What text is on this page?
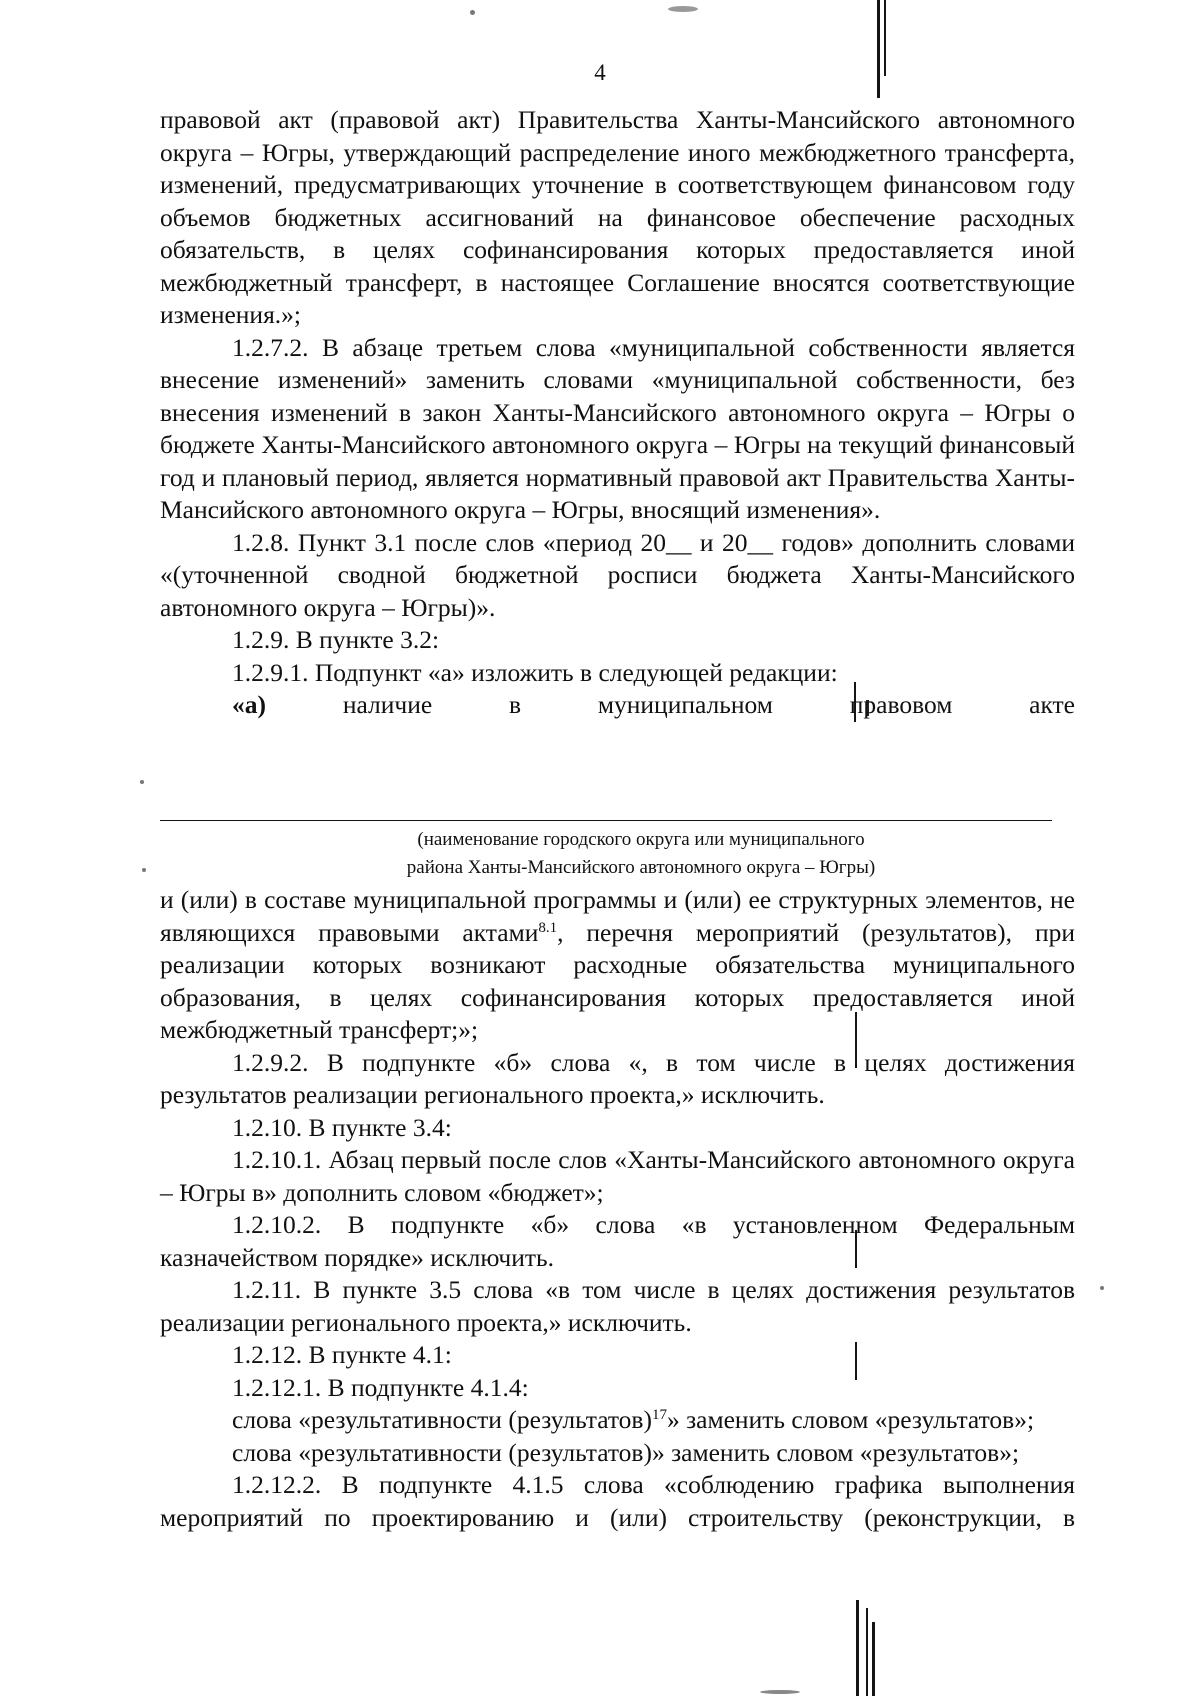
4

правовой акт (правовой акт) Правительства Ханты-Мансийского автономного округа – Югры, утверждающий распределение иного межбюджетного трансферта, изменений, предусматривающих уточнение в соответствующем финансовом году объемов бюджетных ассигнований на финансовое обеспечение расходных обязательств, в целях софинансирования которых предоставляется иной межбюджетный трансферт, в настоящее Соглашение вносятся соответствующие изменения.»;

1.2.7.2. В абзаце третьем слова «муниципальной собственности является внесение изменений» заменить словами «муниципальной собственности, без внесения изменений в закон Ханты-Мансийского автономного округа – Югры о бюджете Ханты-Мансийского автономного округа – Югры на текущий финансовый год и плановый период, является нормативный правовой акт Правительства Ханты-Мансийского автономного округа – Югры, вносящий изменения».

1.2.8. Пункт 3.1 после слов «период 20__ и 20__ годов» дополнить словами «(уточненной сводной бюджетной росписи бюджета Ханты-Мансийского автономного округа – Югры)».

1.2.9. В пункте 3.2:

1.2.9.1. Подпункт «а» изложить в следующей редакции:

«а)	наличие в муниципальном правовом акте

(наименование городского округа или муниципального
района Ханты-Мансийского автономного округа – Югры)

и (или) в составе муниципальной программы и (или) ее структурных элементов, не являющихся правовыми актами$^{8.1}$, перечня мероприятий (результатов), при реализации которых возникают расходные обязательства муниципального образования, в целях софинансирования которых предоставляется иной межбюджетный трансферт;»;

1.2.9.2. В подпункте «б» слова «, в том числе в целях достижения результатов реализации регионального проекта,» исключить.

1.2.10. В пункте 3.4:

1.2.10.1. Абзац первый после слов «Ханты-Мансийского автономного округа – Югры в» дополнить словом «бюджет»;

1.2.10.2. В подпункте «б» слова «в установленном Федеральным казначейством порядке» исключить.

1.2.11. В пункте 3.5 слова «в том числе в целях достижения результатов реализации регионального проекта,» исключить.

1.2.12. В пункте 4.1:

1.2.12.1. В подпункте 4.1.4:

слова «результативности (результатов)$^{17}$» заменить словом «результатов»;

слова «результативности (результатов)» заменить словом «результатов»;

1.2.12.2. В подпункте 4.1.5 слова «соблюдению графика выполнения мероприятий по проектированию и (или) строительству (реконструкции, в
